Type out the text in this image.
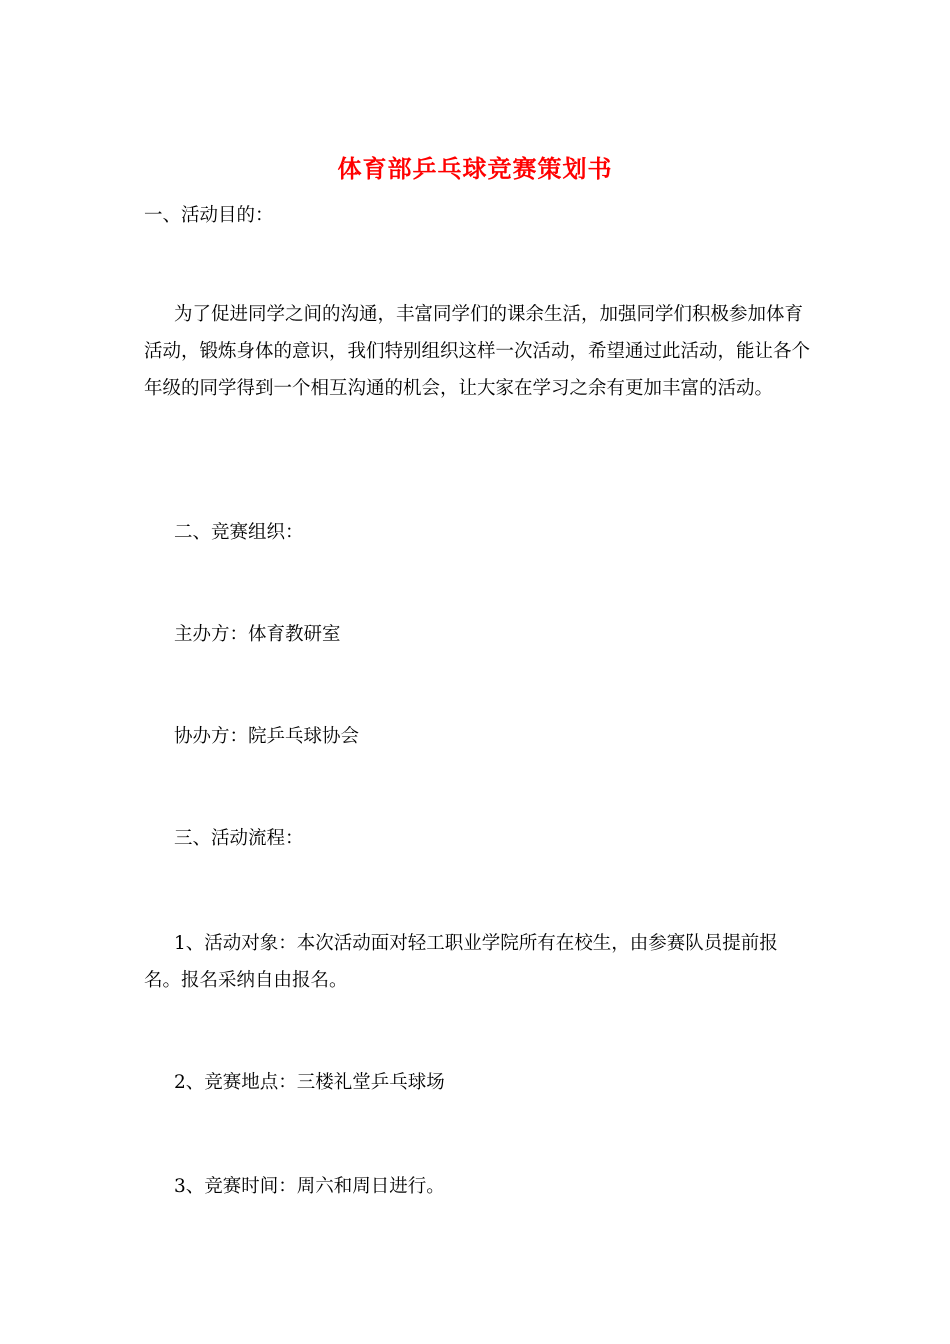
体育部乒乓球竞赛策划书
一、活动目的：
为了促进同学之间的沟通，丰富同学们的课余生活，加强同学们积极参加体育活动，锻炼身体的意识，我们特别组织这样一次活动，希望通过此活动，能让各个年级的同学得到一个相互沟通的机会，让大家在学习之余有更加丰富的活动。
二、竞赛组织：
主办方：体育教研室
协办方：院乒乓球协会
三、活动流程：
1、活动对象：本次活动面对轻工职业学院所有在校生，由参赛队员提前报名。报名采纳自由报名。
2、竞赛地点：三楼礼堂乒乓球场
3、竞赛时间：周六和周日进行。
